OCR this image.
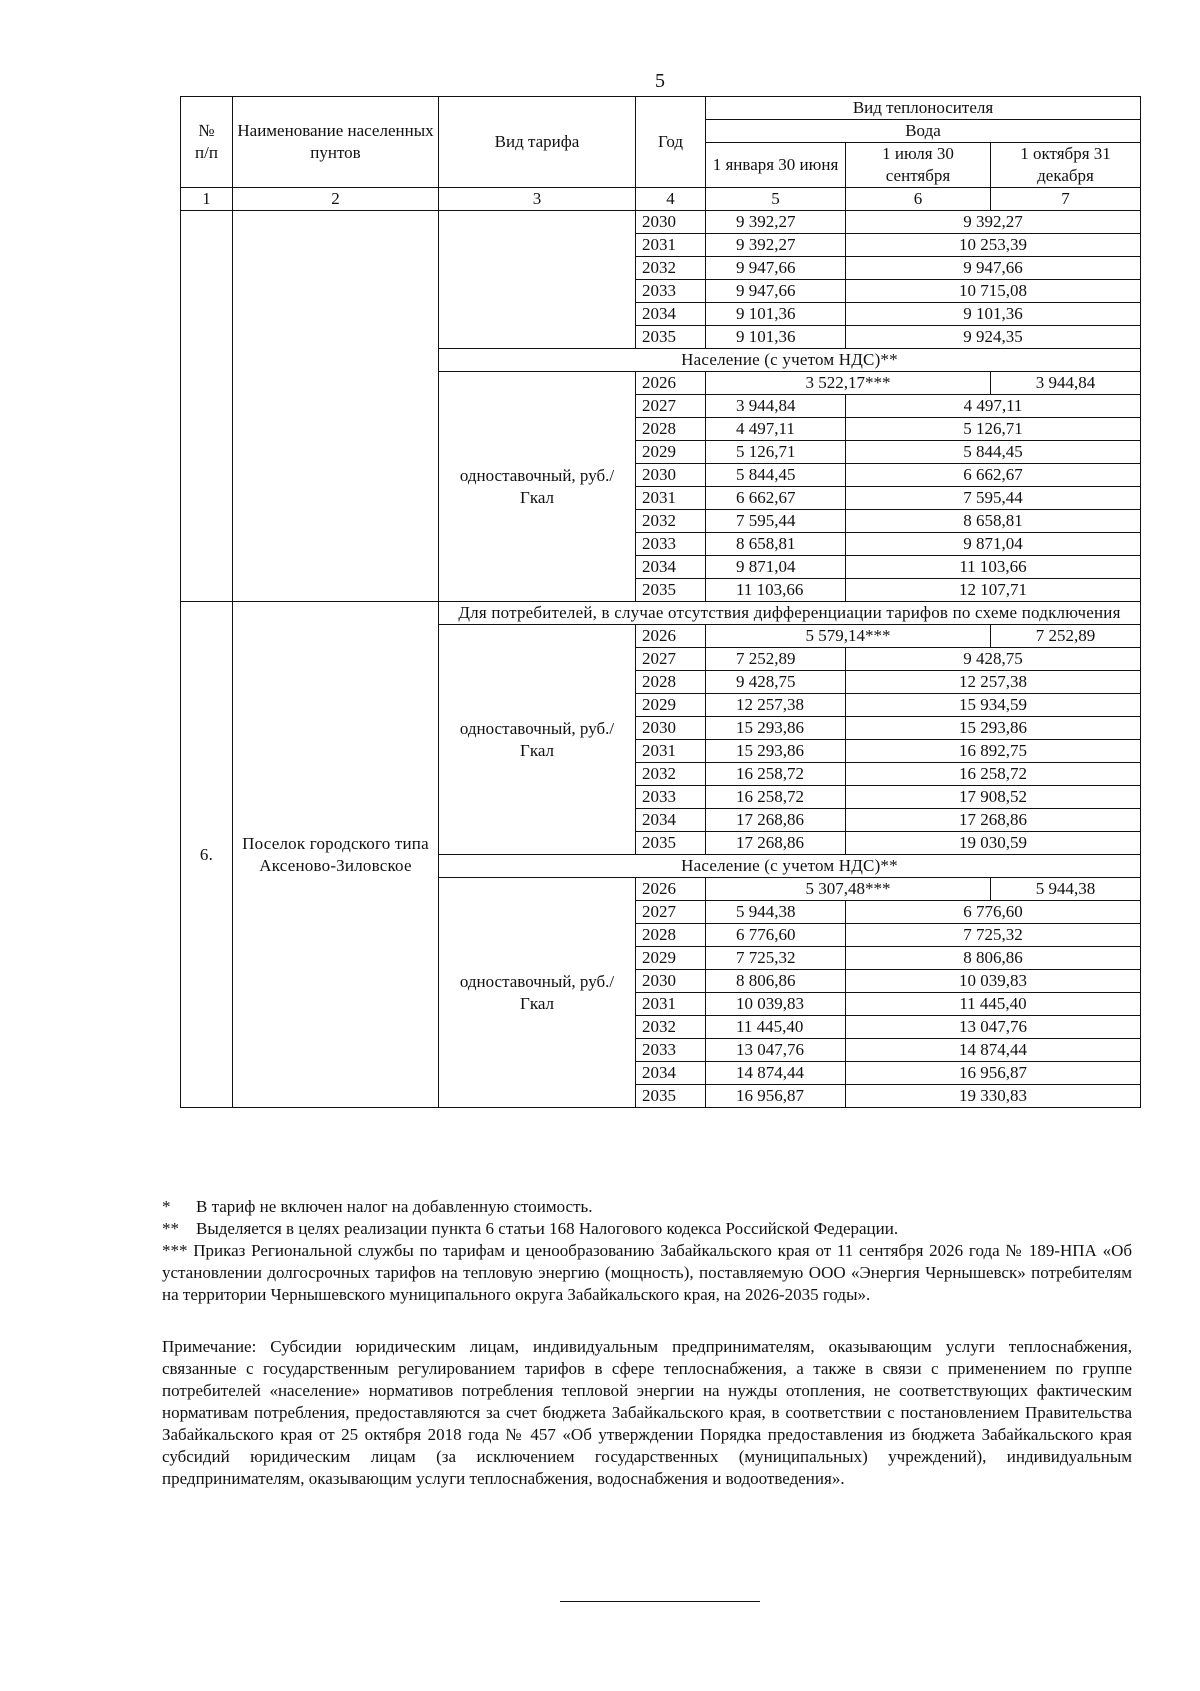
5
№
п/п	Наименование населенных пунтов	Вид тарифа	Год	Вид теплоносителя		
				Вода		
				1 января 30 июня	1 июля 30 сентября	1 октября 31 декабря

1	2	3	4	5	6	7
			2030	9 392,27	9 392,27	
			2031	9 392,27	10 253,39	
			2032	9 947,66	9 947,66	
			2033	9 947,66	10 715,08	
			2034	9 101,36	9 101,36	
			2035	9 101,36	9 924,35	
		Население (с учетом НДС)**				
		одноставочный, руб./Гкал	2026	3 522,17***		3 944,84
			2027	3 944,84	4 497,11	
			2028	4 497,11	5 126,71	
			2029	5 126,71	5 844,45	
			2030	5 844,45	6 662,67	
			2031	6 662,67	7 595,44	
			2032	7 595,44	8 658,81	
			2033	8 658,81	9 871,04	
			2034	9 871,04	11 103,66	
			2035	11 103,66	12 107,71	
6.	Поселок городского типа Аксеново-Зиловское	Для потребителей, в случае отсутствия дифференциации тарифов по схеме подключения				
		одноставочный, руб./Гкал	2026	5 579,14***		7 252,89
			2027	7 252,89	9 428,75	
			2028	9 428,75	12 257,38	
			2029	12 257,38	15 934,59	
			2030	15 293,86	15 293,86	
			2031	15 293,86	16 892,75	
			2032	16 258,72	16 258,72	
			2033	16 258,72	17 908,52	
			2034	17 268,86	17 268,86	
			2035	17 268,86	19 030,59	
		Население (с учетом НДС)**				
		одноставочный, руб./Гкал	2026	5 307,48***		5 944,38
			2027	5 944,38	6 776,60	
			2028	6 776,60	7 725,32	
			2029	7 725,32	8 806,86	
			2030	8 806,86	10 039,83	
			2031	10 039,83	11 445,40	
			2032	11 445,40	13 047,76	
			2033	13 047,76	14 874,44	
			2034	14 874,44	16 956,87	
			2035	16 956,87	19 330,83	
*	В тариф не включен налог на добавленную стоимость.
**	Выделяется в целях реализации пункта 6 статьи 168 Налогового кодекса Российской Федерации.
*** Приказ Региональной службы по тарифам и ценообразованию Забайкальского края от 11 сентября 2026 года № 189-НПА «Об установлении долгосрочных тарифов на тепловую энергию (мощность), поставляемую ООО «Энергия Чернышевск» потребителям на территории Чернышевского муниципального округа Забайкальского края, на 2026-2035 годы».
Примечание: Субсидии юридическим лицам, индивидуальным предпринимателям, оказывающим услуги теплоснабжения, связанные с государственным регулированием тарифов в сфере теплоснабжения, а также в связи с применением по группе потребителей «население» нормативов потребления тепловой энергии на нужды отопления, не соответствующих фактическим нормативам потребления, предоставляются за счет бюджета Забайкальского края, в соответствии с постановлением Правительства Забайкальского края от 25 октября 2018 года № 457 «Об утверждении Порядка предоставления из бюджета Забайкальского края субсидий юридическим лицам (за исключением государственных (муниципальных) учреждений), индивидуальным предпринимателям, оказывающим услуги теплоснабжения, водоснабжения и водоотведения».
